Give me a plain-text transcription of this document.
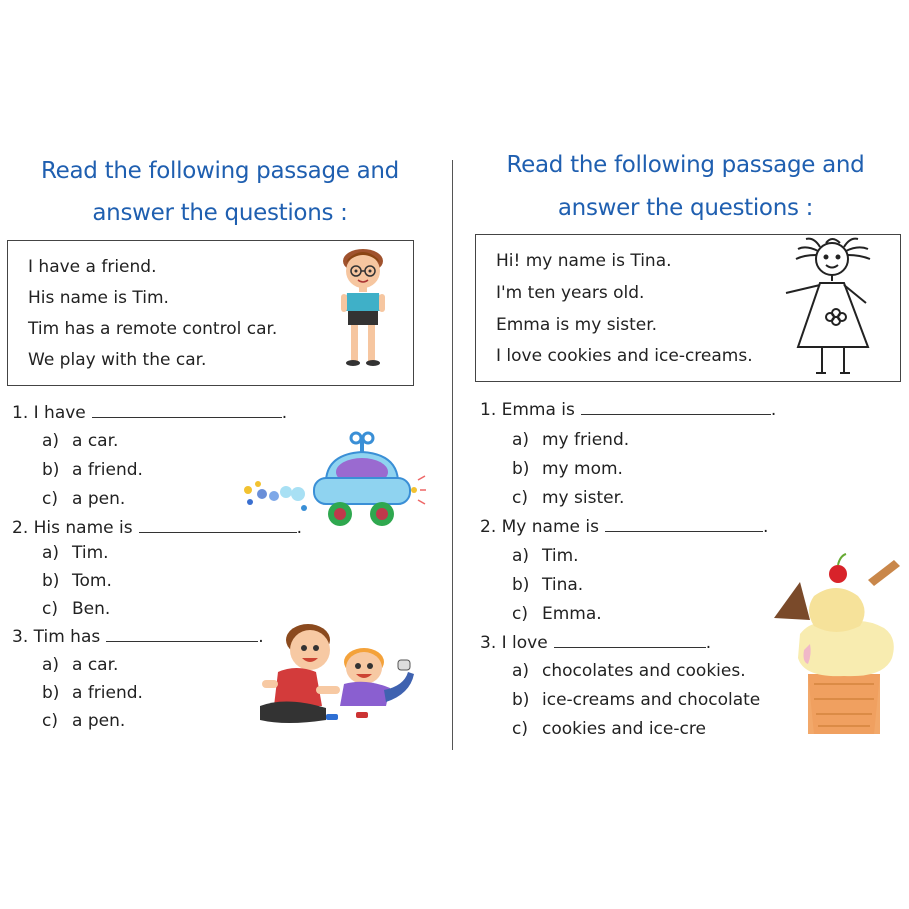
Read the following passage and
answer the questions :
I have a friend.
His name is Tim.
Tim has a remote control car.
We play with the car.
1. I have	.
a) a car.
b) a friend.
c) a pen.
2. His name is	.
a) Tim.
b) Tom.
c) Ben.
3. Tim has	.
a) a car.
b) a friend.
c) a pen.
Read the following passage and
answer the questions :
Hi! my name is Tina.
I'm ten years old.
Emma is my sister.
I love cookies and ice-creams.
1. Emma is	.
a) my friend.
b) my mom.
c) my sister.
2. My name is	.
a) Tim.
b) Tina.
c) Emma.
3. I love	.
a) chocolates and cookies.
b) ice-creams and chocolate
c) cookies and ice-cre
